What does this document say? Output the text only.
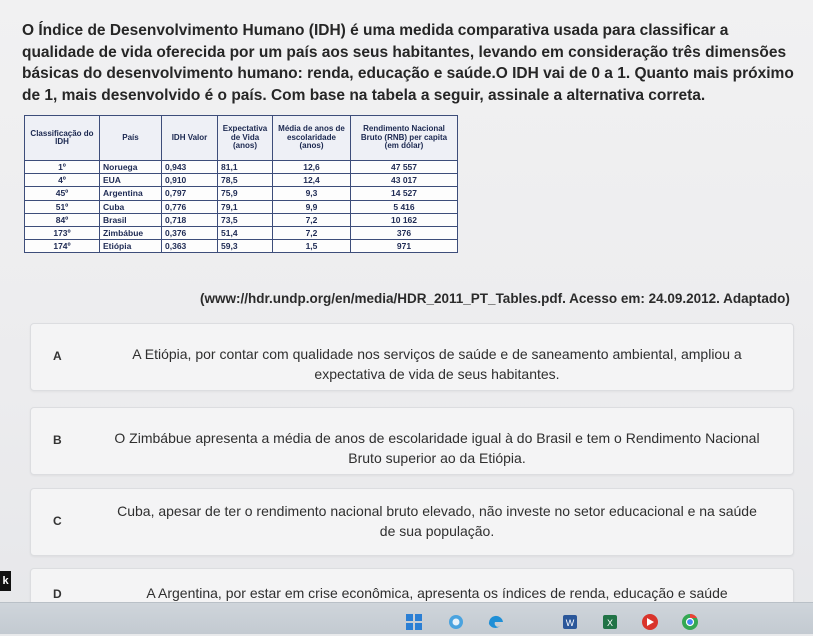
O Índice de Desenvolvimento Humano (IDH) é uma medida comparativa usada para classificar a qualidade de vida oferecida por um país aos seus habitantes, levando em consideração três dimensões básicas do desenvolvimento humano: renda, educação e saúde.O IDH vai de 0 a 1. Quanto mais próximo de 1, mais desenvolvido é o país. Com base na tabela a seguir, assinale a alternativa correta.
Classificação do IDH	País	IDH Valor	Expectativa de Vida (anos)	Média de anos de escolaridade (anos)	Rendimento Nacional Bruto (RNB) per capita (em dólar)
1º	Noruega	0,943	81,1	12,6	47 557
4º	EUA	0,910	78,5	12,4	43 017
45º	Argentina	0,797	75,9	9,3	14 527
51º	Cuba	0,776	79,1	9,9	5 416
84º	Brasil	0,718	73,5	7,2	10 162
173º	Zimbábue	0,376	51,4	7,2	376
174º	Etiópia	0,363	59,3	1,5	971
(www://hdr.undp.org/en/media/HDR_2011_PT_Tables.pdf. Acesso em: 24.09.2012. Adaptado)
A	A Etiópia, por contar com qualidade nos serviços de saúde e de saneamento ambiental, ampliou a
expectativa de vida de seus habitantes.
B	O Zimbábue apresenta a média de anos de escolaridade igual à do Brasil e tem o Rendimento Nacional
Bruto superior ao da Etiópia.
C
Cuba, apesar de ter o rendimento nacional bruto elevado, não investe no setor educacional e na saúde
de sua população.
D	A Argentina, por estar em crise econômica, apresenta os índices de renda, educação e saúde
k
W	X
